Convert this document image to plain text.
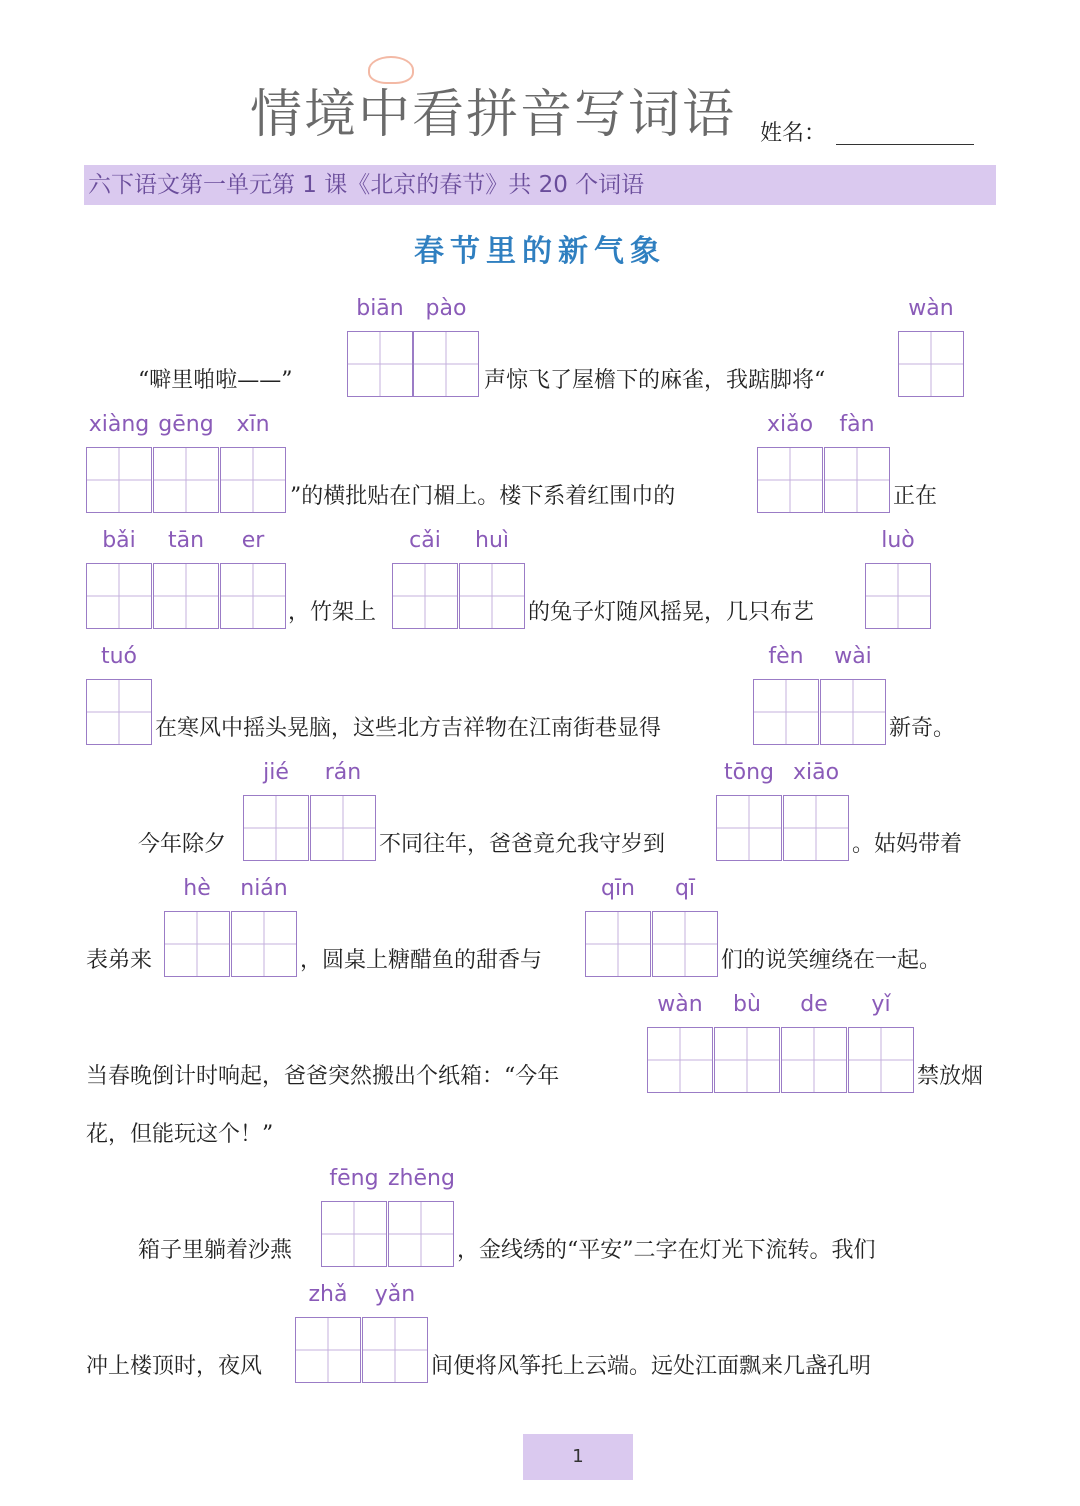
情境中看拼音写词语	姓名：
六下语文第一单元第 1 课《北京的春节》共 20 个词语
春节里的新气象
biān pào	wàn
“噼里啪啦——”	声惊飞了屋檐下的麻雀，我踮脚将“
xiàng gēng	xīn	xiǎo	fàn
”的横批贴在门楣上。楼下系着红围巾的	正在
bǎi	tān	er	cǎi	huì	luò
，竹架上	的兔子灯随风摇晃，几只布艺
tuó	fèn	wài
在寒风中摇头晃脑，这些北方吉祥物在江南街巷显得	新奇。
jié	rán	tōng xiāo
今年除夕	不同往年，爸爸竟允我守岁到	。姑妈带着
hè	nián	qīn	qī
表弟来	，圆桌上糖醋鱼的甜香与	们的说笑缠绕在一起。
wàn	bù	de	yǐ
当春晚倒计时响起，爸爸突然搬出个纸箱：“今年	禁放烟
花，但能玩这个！”
fēng zhēng
箱子里躺着沙燕	，金线绣的“平安”二字在灯光下流转。我们
zhǎ	yǎn
冲上楼顶时，夜风	间便将风筝托上云端。远处江面飘来几盏孔明
1
